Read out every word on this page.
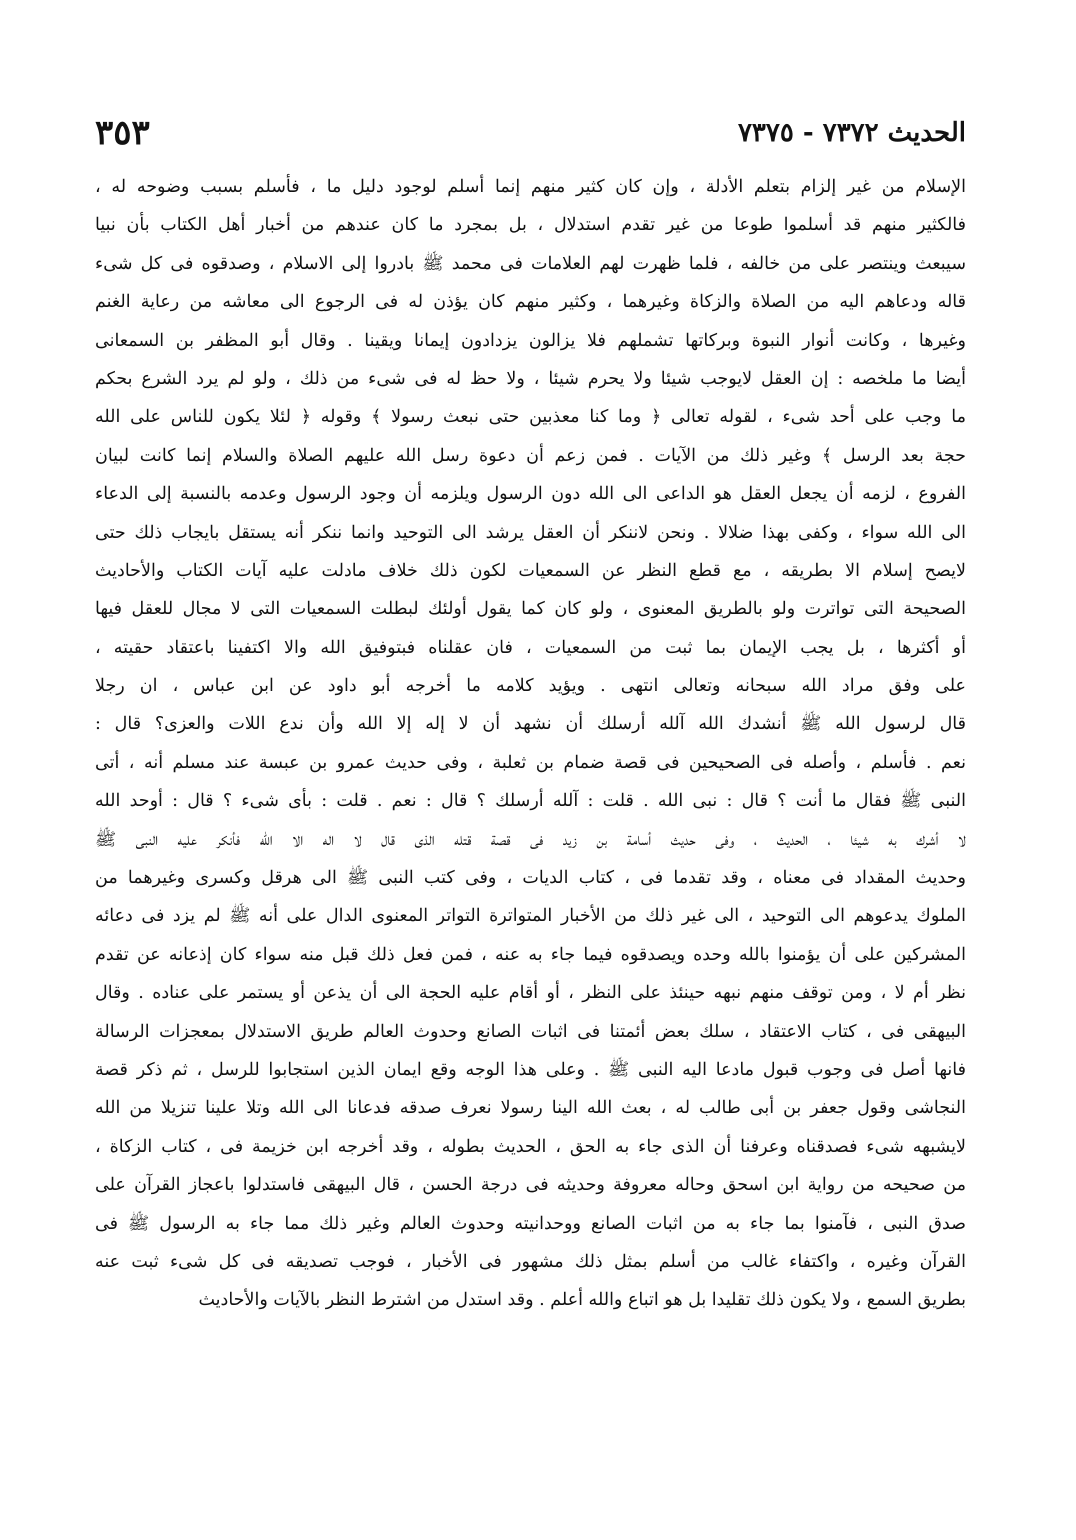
الحديث ٧٣٧٢ - ٧٣٧٥
٣٥٣
الإسلام من غير إلزام بتعلم الأدلة ، وإن كان كثير منهم إنما أسلم لوجود دليل ما ، فأسلم بسبب وضوحه له ،
فالكثير منهم قد أسلموا طوعا من غير تقدم استدلال ، بل بمجرد ما كان عندهم من أخبار أهل الكتاب بأن نبيا
سيبعث وينتصر على من خالفه ، فلما ظهرت لهم العلامات فى محمد ﷺ بادروا إلى الاسلام ، وصدقوه فى كل شىء
قاله ودعاهم اليه من الصلاة والزكاة وغيرهما ، وكثير منهم كان يؤذن له فى الرجوع الى معاشه من رعاية الغنم
وغيرها ، وكانت أنوار النبوة وبركاتها تشملهم فلا يزالون يزدادون إيمانا ويقينا . وقال أبو المظفر بن السمعانى
أيضا ما ملخصه : إن العقل لايوجب شيئا ولا يحرم شيئا ، ولا حظ له فى شىء من ذلك ، ولو لم يرد الشرع بحكم
ما وجب على أحد شىء ، لقوله تعالى ﴿ وما كنا معذبين حتى نبعث رسولا ﴾ وقوله ﴿ لئلا يكون للناس على الله
حجة بعد الرسل ﴾ وغير ذلك من الآيات . فمن زعم أن دعوة رسل الله عليهم الصلاة والسلام إنما كانت لبيان
الفروع ، لزمه أن يجعل العقل هو الداعى الى الله دون الرسول ويلزمه أن وجود الرسول وعدمه بالنسبة إلى الدعاء
الى الله سواء ، وكفى بهذا ضلالا . ونحن لاننكر أن العقل يرشد الى التوحيد وانما ننكر أنه يستقل بايجاب ذلك حتى
لايصح إسلام الا بطريقه ، مع قطع النظر عن السمعيات لكون ذلك خلاف مادلت عليه آيات الكتاب والأحاديث
الصحيحة التى تواترت ولو بالطريق المعنوى ، ولو كان كما يقول أولئك لبطلت السمعيات التى لا مجال للعقل فيها
أو أكثرها ، بل يجب الإيمان بما ثبت من السمعيات ، فان عقلناه فبتوفيق الله والا اكتفينا باعتقاد حقيته ،
على وفق مراد الله سبحانه وتعالى انتهى . ويؤيد كلامه ما أخرجه أبو داود عن ابن عباس ، ان رجلا
قال لرسول الله ﷺ أنشدك الله آلله أرسلك أن نشهد أن لا إله إلا الله وأن ندع اللات والعزى؟ قال :
نعم . فأسلم ، وأصله فى الصحيحين فى قصة ضمام بن ثعلبة ، وفى حديث عمرو بن عبسة عند مسلم أنه ، أتى
النبى ﷺ فقال ما أنت ؟ قال : نبى الله . قلت : آلله أرسلك ؟ قال : نعم . قلت : بأى شىء ؟ قال : أوحد الله
لا أشرك به شيئا ، الحديث ، وفى حديث أسامة بن زيد فى قصة قتله الذى قال لا اله الا الله فأنكر عليه النبى ﷺ
وحديث المقداد فى معناه ، وقد تقدما فى ، كتاب الديات ، وفى كتب النبى ﷺ الى هرقل وكسرى وغيرهما من
الملوك يدعوهم الى التوحيد ، الى غير ذلك من الأخبار المتواترة التواتر المعنوى الدال على أنه ﷺ لم يزد فى دعائه
المشركين على أن يؤمنوا بالله وحده ويصدقوه فيما جاء به عنه ، فمن فعل ذلك قبل منه سواء كان إذعانه عن تقدم
نظر أم لا ، ومن توقف منهم نبهه حينئذ على النظر ، أو أقام عليه الحجة الى أن يذعن أو يستمر على عناده . وقال
البيهقى فى ، كتاب الاعتقاد ، سلك بعض أئمتنا فى اثبات الصانع وحدوث العالم طريق الاستدلال بمعجزات الرسالة
فانها أصل فى وجوب قبول مادعا اليه النبى ﷺ . وعلى هذا الوجه وقع ايمان الذين استجابوا للرسل ، ثم ذكر قصة
النجاشى وقول جعفر بن أبى طالب له ، بعث الله الينا رسولا نعرف صدقه فدعانا الى الله وتلا علينا تنزيلا من الله
لايشبهه شىء فصدقناه وعرفنا أن الذى جاء به الحق ، الحديث بطوله ، وقد أخرجه ابن خزيمة فى ، كتاب الزكاة ،
من صحيحه من رواية ابن اسحق وحاله معروفة وحديثه فى درجة الحسن ، قال البيهقى فاستدلوا باعجاز القرآن على
صدق النبى ، فآمنوا بما جاء به من اثبات الصانع ووحدانيته وحدوث العالم وغير ذلك مما جاء به الرسول ﷺ فى
القرآن وغيره ، واكتفاء غالب من أسلم بمثل ذلك مشهور فى الأخبار ، فوجب تصديقه فى كل شىء ثبت عنه
بطريق السمع ، ولا يكون ذلك تقليدا بل هو اتباع والله أعلم . وقد استدل من اشترط النظر بالآيات والأحاديث
